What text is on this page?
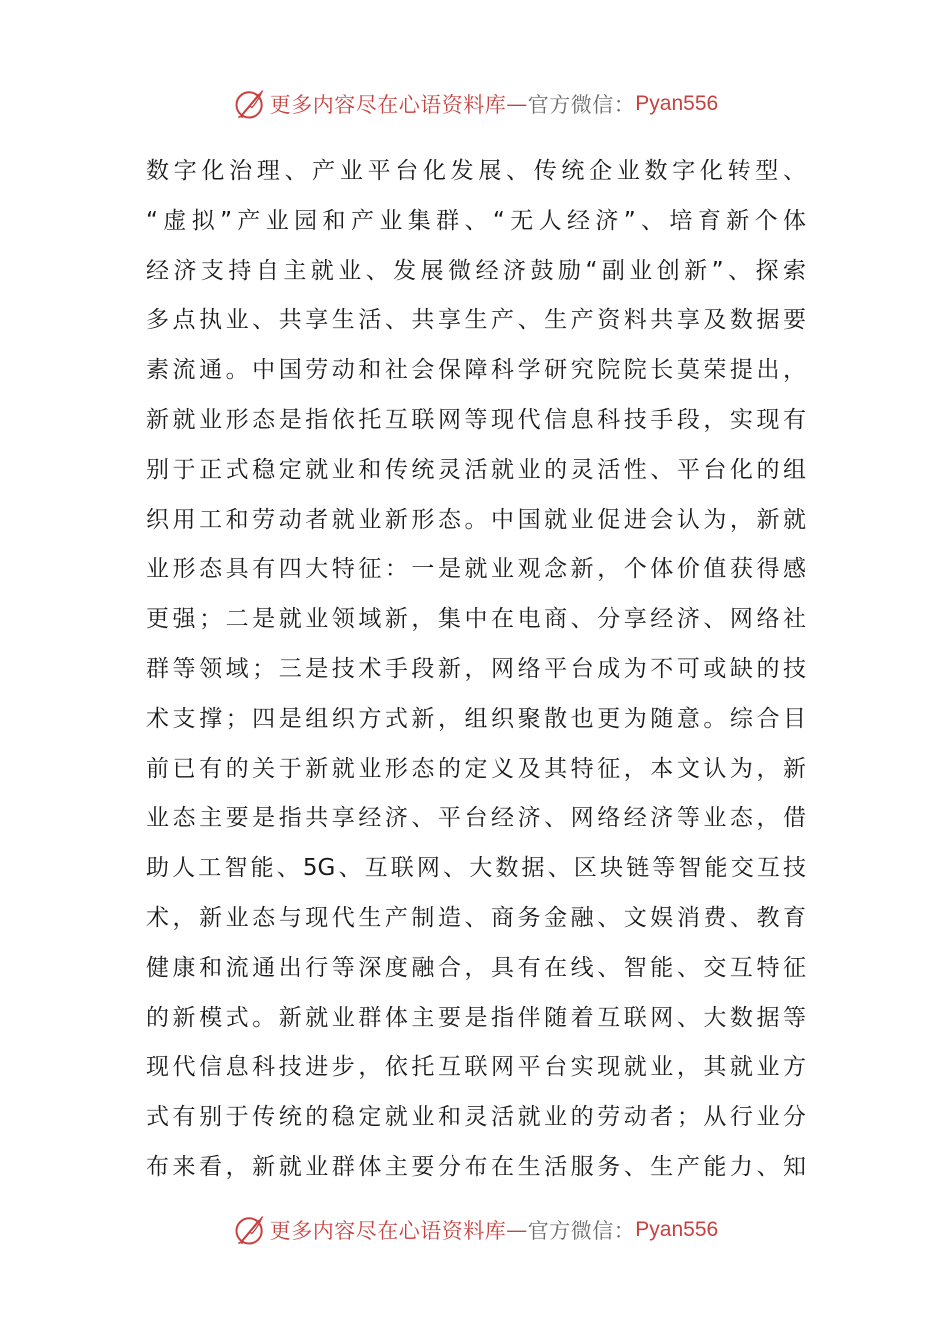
更多内容尽在心语资料库 — 官方微信： Pyan556
数字化治理、产业平台化发展、传统企业数字化转型、
“虚拟”产业园和产业集群、“无人经济”、培育新个体
经济支持自主就业、发展微经济鼓励“副业创新”、探索
多点执业、共享生活、共享生产、生产资料共享及数据要
素流通。中国劳动和社会保障科学研究院院长莫荣提出，
新就业形态是指依托互联网等现代信息科技手段，实现有
别于正式稳定就业和传统灵活就业的灵活性、平台化的组
织用工和劳动者就业新形态。中国就业促进会认为，新就
业形态具有四大特征：一是就业观念新，个体价值获得感
更强；二是就业领域新，集中在电商、分享经济、网络社
群等领域；三是技术手段新，网络平台成为不可或缺的技
术支撑；四是组织方式新，组织聚散也更为随意。综合目
前已有的关于新就业形态的定义及其特征，本文认为，新
业态主要是指共享经济、平台经济、网络经济等业态，借
助人工智能、5G、互联网、大数据、区块链等智能交互技
术，新业态与现代生产制造、商务金融、文娱消费、教育
健康和流通出行等深度融合，具有在线、智能、交互特征
的新模式。新就业群体主要是指伴随着互联网、大数据等
现代信息科技进步，依托互联网平台实现就业，其就业方
式有别于传统的稳定就业和灵活就业的劳动者；从行业分
布来看，新就业群体主要分布在生活服务、生产能力、知
更多内容尽在心语资料库 — 官方微信： Pyan556
